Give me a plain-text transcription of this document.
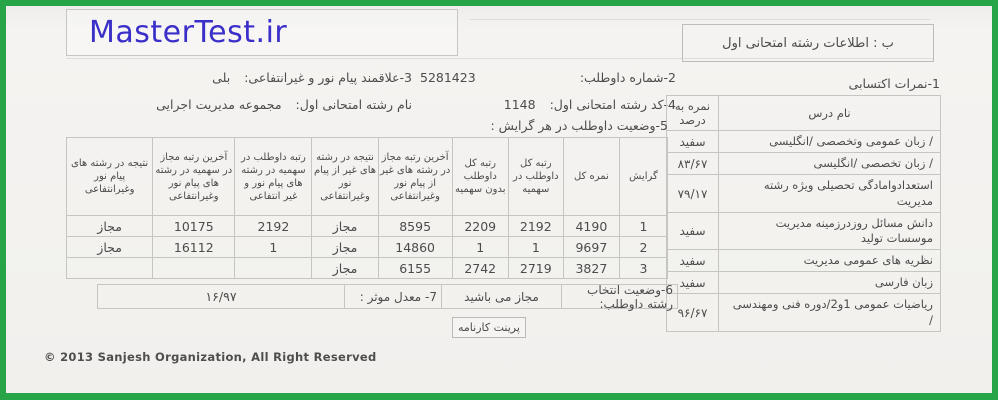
MasterTest.ir	ب : اطلاعات رشته امتحانی اول
2-شماره داوطلب:
5281423
4-کد رشته امتحانی اول:
1148
3-علاقمند پیام نور و غیرانتفاعی:
بلی
نام رشته امتحانی اول:
مجموعه مدیریت اجرایی
1-نمرات اکتسابی
نام درس	نمره به درصد
/ زبان عمومی وتخصصی /انگلیسی	سفید
/ زبان تخصصی /انگلیسی	۸۳/۶۷
استعدادوامادگی تحصیلی ویژه رشته مدیریت	۷۹/۱۷
دانش مسائل روزدرزمینه مدیریت موسسات تولید	سفید
نظریه های عمومی مدیریت	سفید
زبان فارسی	سفید
ریاضیات عمومی 1و2/دوره فنی ومهندسی /	۹۶/۶۷
5-وضعیت داوطلب در هر گرایش :
گرایش	نمره کل	رتبه کل داوطلب در سهمیه	رتبه کل داوطلب بدون سهمیه	آخرین رتبه مجاز در رشته های غیر از پیام نور وغیرانتفاعی	نتیجه در رشته های غیر از پیام نور وغیرانتفاعی	رتبه داوطلب در سهمیه در رشته های پیام نور و غیر انتفاعی	آخرین رتبه مجاز در سهمیه در رشته های پیام نور وغیرانتفاعی	نتیجه در رشته های پیام نور وغیرانتفاعی
1	4190	2192	2209	8595	مجاز	2192	10175	مجاز
2	9697	1	1	14860	مجاز	1	16112	مجاز
3	3827	2719	2742	6155	مجاز			
6-وضعیت انتخاب رشته داوطلب:
مجاز می باشید
7- معدل موثر :
۱۶/۹۷
پرینت کارنامه
© 2013 Sanjesh Organization, All Right Reserved
